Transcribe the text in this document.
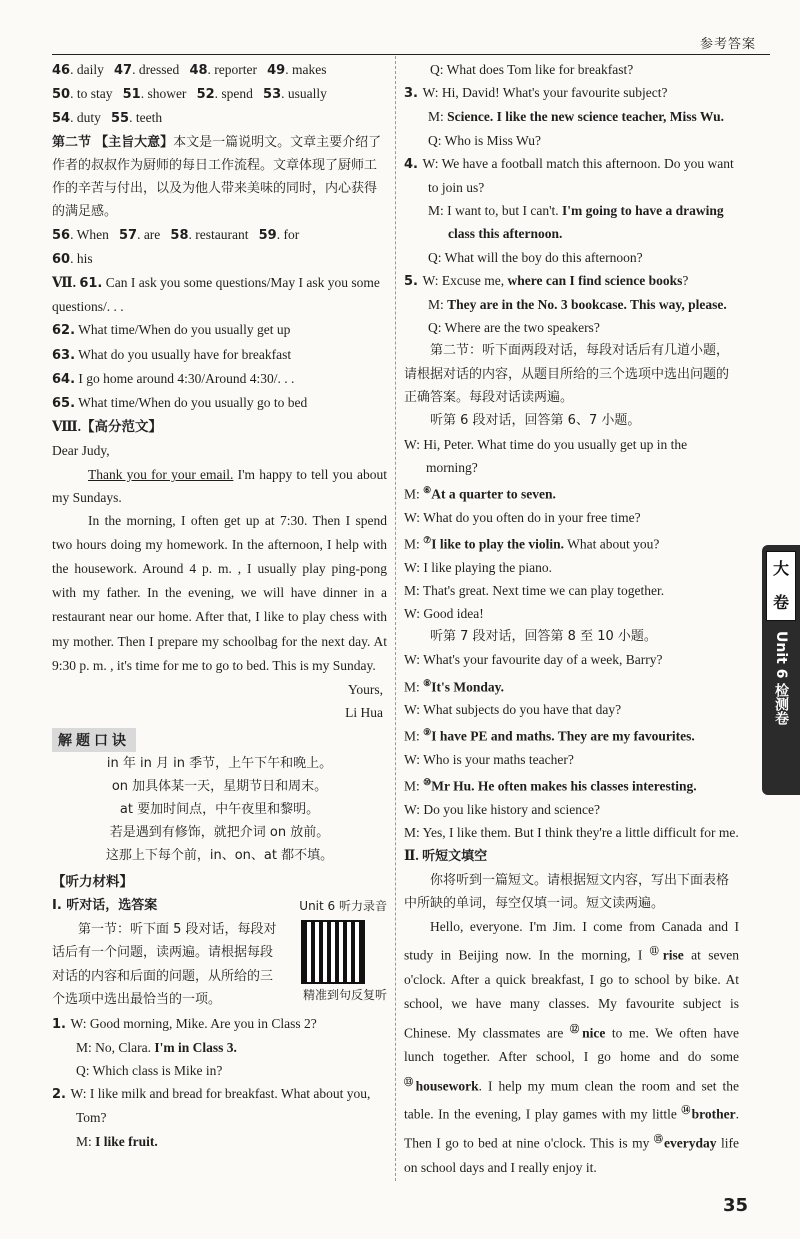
参考答案
46. daily 47. dressed 48. reporter 49. makes
50. to stay 51. shower 52. spend 53. usually
54. duty 55. teeth
第二节 【主旨大意】本文是一篇说明文。文章主要介绍了作者的叔叔作为厨师的每日工作流程。文章体现了厨师工作的辛苦与付出，以及为他人带来美味的同时，内心获得的满足感。
56. When 57. are 58. restaurant 59. for
60. his
Ⅶ. 61. Can I ask you some questions/May I ask you some questions/. . .
62. What time/When do you usually get up
63. What do you usually have for breakfast
64. I go home around 4:30/Around 4:30/. . .
65. What time/When do you usually go to bed
Ⅷ.【高分范文】
Dear Judy,
Thank you for your email. I'm happy to tell you about my Sundays.
In the morning, I often get up at 7:30. Then I spend two hours doing my homework. In the afternoon, I help with the housework. Around 4 p. m. , I usually play ping-pong with my father. In the evening, we will have dinner in a restaurant near our home. After that, I like to play chess with my mother. Then I prepare my schoolbag for the next day. At 9:30 p. m. , it's time for me to go to bed. This is my Sunday.
Yours,
Li Hua
解题口诀
in 年 in 月 in 季节，上午下午和晚上。
on 加具体某一天，星期节日和周末。
at 要加时间点，中午夜里和黎明。
若是遇到有修饰，就把介词 on 放前。
这那上下每个前，in、on、at 都不填。
【听力材料】
Ⅰ. 听对话，选答案	Unit 6 听力录音
精准到句反复听
第一节：听下面 5 段对话，每段对话后有一个问题，读两遍。请根据每段对话的内容和后面的问题，从所给的三个选项中选出最恰当的一项。
1. W: Good morning, Mike. Are you in Class 2?
M: No, Clara. I'm in Class 3.
Q: Which class is Mike in?
2. W: I like milk and bread for breakfast. What about you, Tom?
M: I like fruit.
Q: What does Tom like for breakfast?
3. W: Hi, David! What's your favourite subject?
M: Science. I like the new science teacher, Miss Wu.
Q: Who is Miss Wu?
4. W: We have a football match this afternoon. Do you want to join us?
M: I want to, but I can't. I'm going to have a drawing class this afternoon.
Q: What will the boy do this afternoon?
5. W: Excuse me, where can I find science books?
M: They are in the No. 3 bookcase. This way, please.
Q: Where are the two speakers?
第二节：听下面两段对话，每段对话后有几道小题，请根据对话的内容，从题目所给的三个选项中选出问题的正确答案。每段对话读两遍。
听第 6 段对话，回答第 6、7 小题。
W: Hi, Peter. What time do you usually get up in the morning?
M: ⑥At a quarter to seven.
W: What do you often do in your free time?
M: ⑦I like to play the violin. What about you?
W: I like playing the piano.
M: That's great. Next time we can play together.
W: Good idea!
听第 7 段对话，回答第 8 至 10 小题。
W: What's your favourite day of a week, Barry?
M: ⑧It's Monday.
W: What subjects do you have that day?
M: ⑨I have PE and maths. They are my favourites.
W: Who is your maths teacher?
M: ⑩Mr Hu. He often makes his classes interesting.
W: Do you like history and science?
M: Yes, I like them. But I think they're a little difficult for me.
Ⅱ. 听短文填空
你将听到一篇短文。请根据短文内容，写出下面表格中所缺的单词，每空仅填一词。短文读两遍。
Hello, everyone. I'm Jim. I come from Canada and I study in Beijing now. In the morning, I ⑪rise at seven o'clock. After a quick breakfast, I go to school by bike. At school, we have many classes. My favourite subject is Chinese. My classmates are ⑫nice to me. We often have lunch together. After school, I go home and do some ⑬housework. I help my mum clean the room and set the table. In the evening, I play games with my little ⑭brother. Then I go to bed at nine o'clock. This is my ⑮everyday life on school days and I really enjoy it.
大卷
Unit 6 检测卷
35
